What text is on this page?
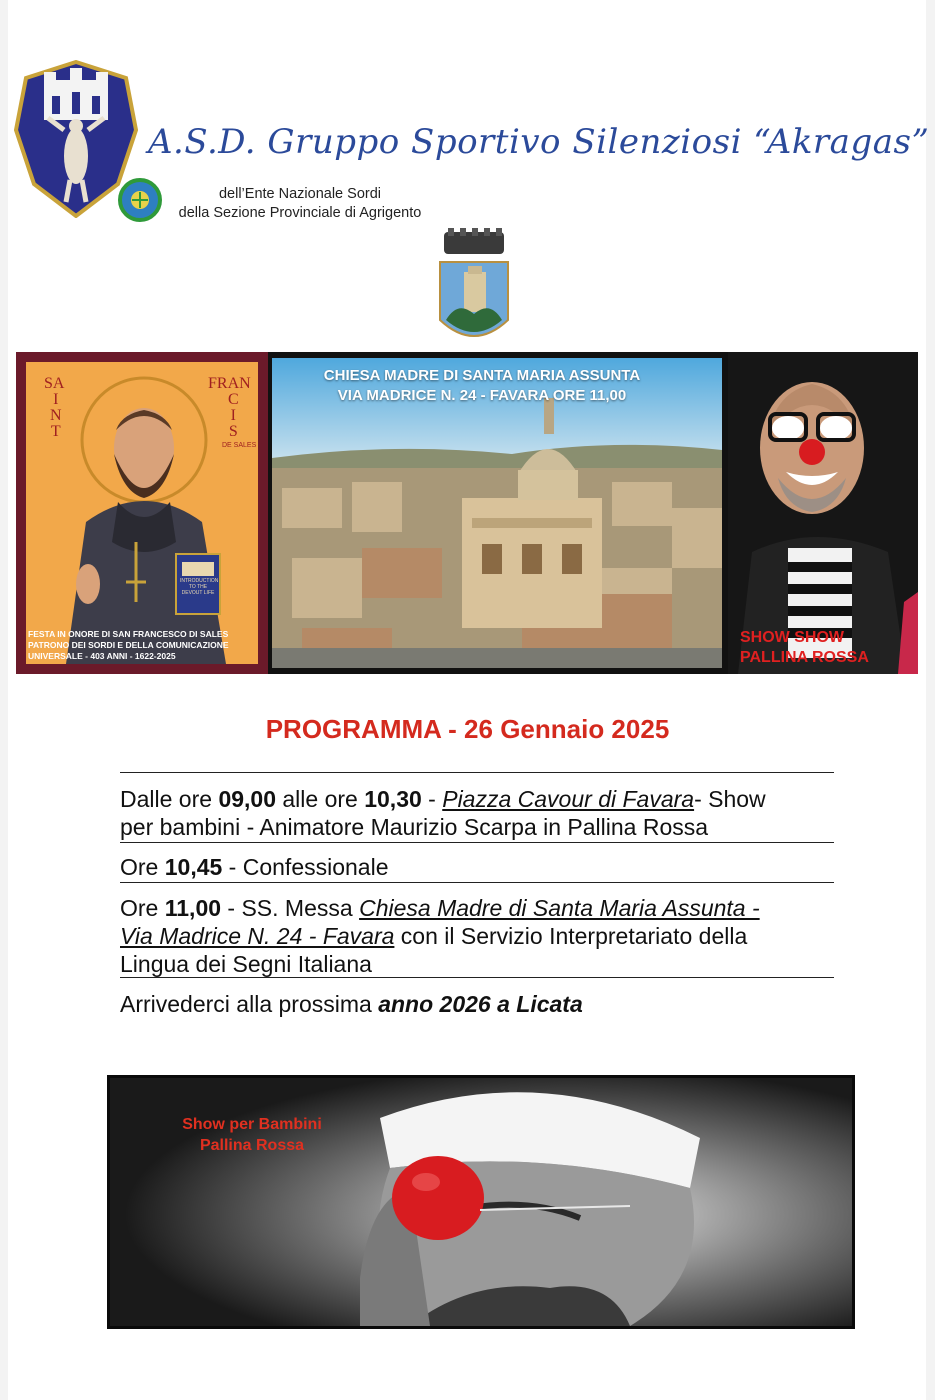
A.S.D. Gruppo Sportivo Silenziosi “Akragas”
dell’Ente Nazionale Sordi
della Sezione Provinciale di Agrigento
SA
I
N
T
FRAN
C
I
S
DE SALES
INTRODUCTION TO THE DEVOUT LIFE
FESTA IN ONORE DI SAN FRANCESCO DI SALES
PATRONO DEI SORDI E DELLA COMUNICAZIONE
UNIVERSALE - 403 ANNI - 1622-2025
CHIESA MADRE DI SANTA MARIA ASSUNTA
VIA MADRICE N. 24 - FAVARA ORE 11,00
SHOW SHOW
PALLINA ROSSA
PROGRAMMA - 26 Gennaio 2025
Dalle ore 09,00 alle ore 10,30 - Piazza Cavour di Favara- Show
per bambini - Animatore Maurizio Scarpa in Pallina Rossa
Ore 10,45 - Confessionale
Ore 11,00 - SS. Messa Chiesa Madre di Santa Maria Assunta -
Via Madrice N. 24 - Favara con il Servizio Interpretariato della
Lingua dei Segni Italiana
Arrivederci alla prossima anno 2026 a Licata
Show per Bambini
Pallina Rossa
